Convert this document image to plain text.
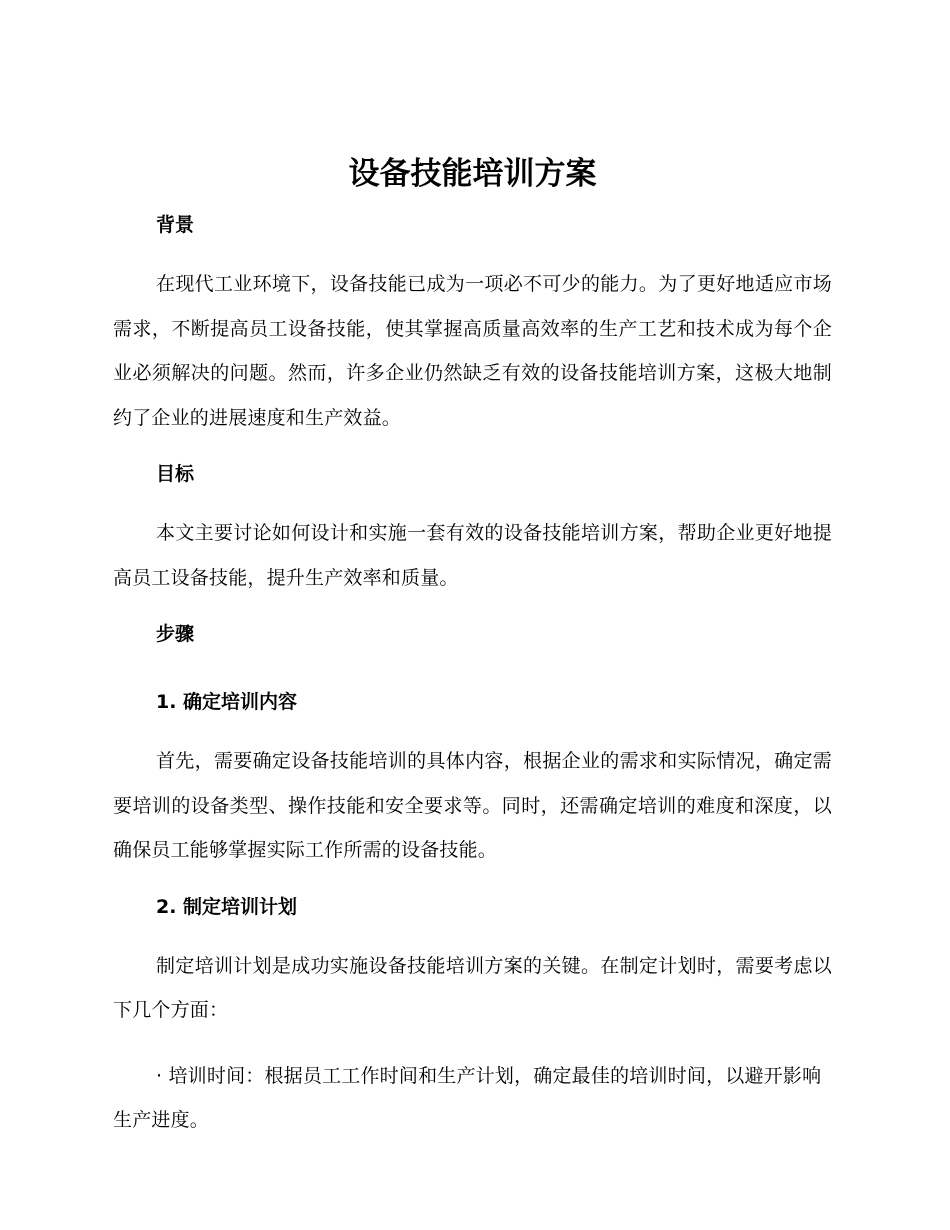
设备技能培训方案
背景

在现代工业环境下，设备技能已成为一项必不可少的能力。为了更好地适应市场需求，不断提高员工设备技能，使其掌握高质量高效率的生产工艺和技术成为每个企业必须解决的问题。然而，许多企业仍然缺乏有效的设备技能培训方案，这极大地制约了企业的进展速度和生产效益。

目标

本文主要讨论如何设计和实施一套有效的设备技能培训方案，帮助企业更好地提高员工设备技能，提升生产效率和质量。

步骤
1. 确定培训内容

首先，需要确定设备技能培训的具体内容，根据企业的需求和实际情况，确定需要培训的设备类型、操作技能和安全要求等。同时，还需确定培训的难度和深度，以确保员工能够掌握实际工作所需的设备技能。

2. 制定培训计划

制定培训计划是成功实施设备技能培训方案的关键。在制定计划时，需要考虑以下几个方面：

· 培训时间：根据员工工作时间和生产计划，确定最佳的培训时间，以避开影响生产进度。
